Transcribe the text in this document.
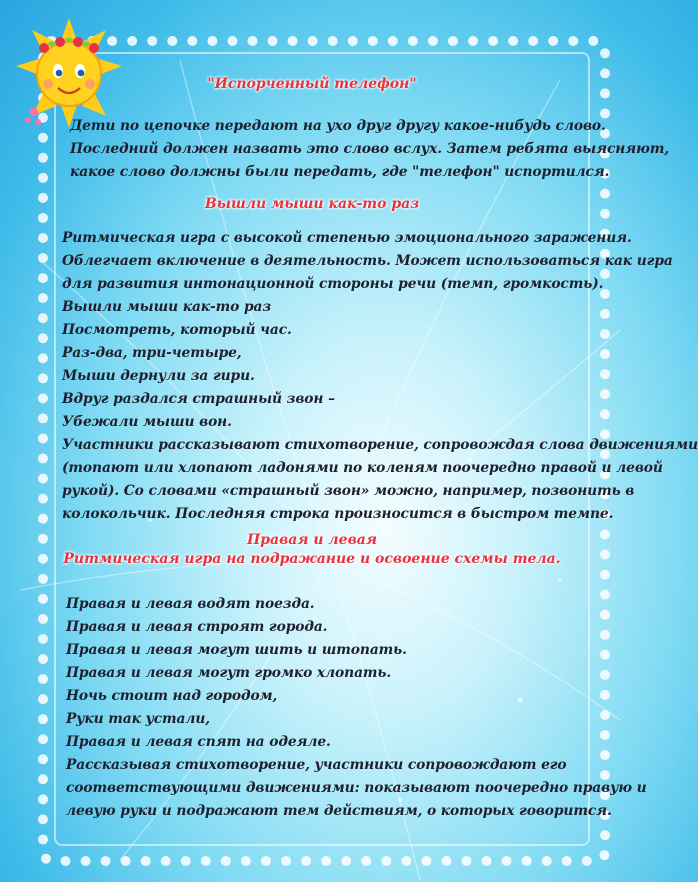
"Испорченный телефон"

Дети по цепочке передают на ухо друг другу какое-нибудь слово.

Последний должен назвать это слово вслух. Затем ребята выясняют,

какое слово должны были передать, где "телефон" испортился.

Вышли мыши как-то раз

Ритмическая игра с высокой степенью эмоционального заражения.

Облегчает включение в деятельность. Может использоваться как игра

для развития интонационной стороны речи (темп, громкость).

Вышли мыши как-то раз

Посмотреть, который час.

Раз-два, три-четыре,

Мыши дернули за гири.

Вдруг раздался страшный звон –

Убежали мыши вон.

Участники рассказывают стихотворение, сопровождая слова движениями

(топают или хлопают ладонями по коленям поочередно правой и левой

рукой). Со словами «страшный звон» можно, например, позвонить в

колокольчик. Последняя строка произносится в быстром темпе.

Правая и левая

Ритмическая игра на подражание и освоение схемы тела.

Правая и левая водят поезда.

Правая и левая строят города.

Правая и левая могут шить и штопать.

Правая и левая могут громко хлопать.

Ночь стоит над городом,

Руки так устали,

Правая и левая спят на одеяле.

Рассказывая стихотворение, участники сопровождают его

соответствующими движениями: показывают поочередно правую и

левую руки и подражают тем действиям, о которых говорится.
